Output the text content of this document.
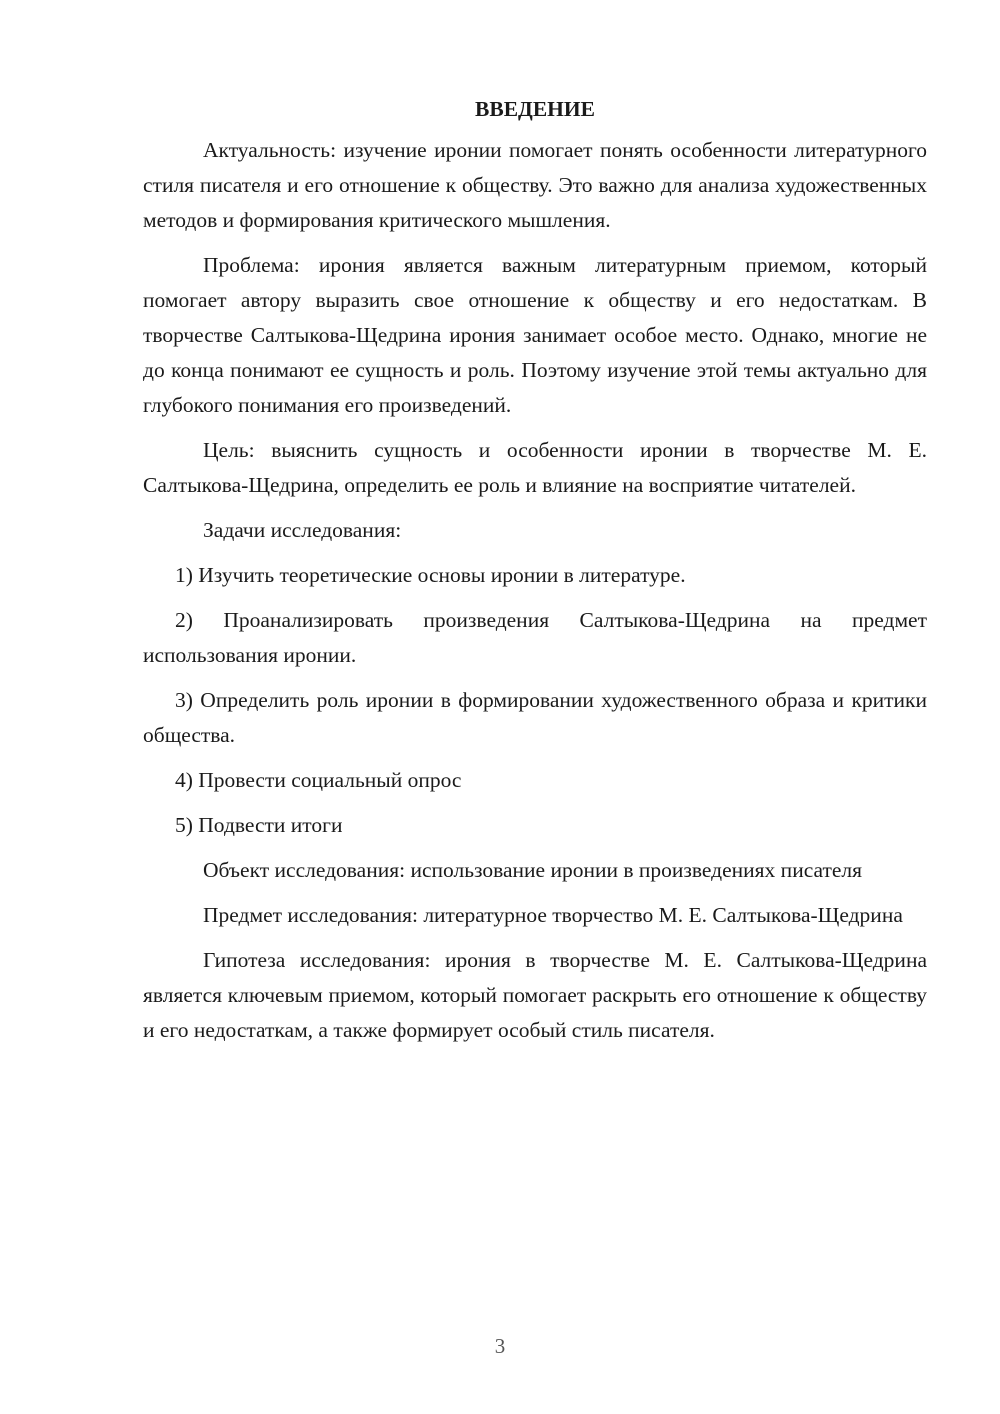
ВВЕДЕНИЕ

Актуальность: изучение иронии помогает понять особенности литературного стиля писателя и его отношение к обществу. Это важно для анализа художественных методов и формирования критического мышления.

Проблема: ирония является важным литературным приемом, который помогает автору выразить свое отношение к обществу и его недостаткам. В творчестве Салтыкова-Щедрина ирония занимает особое место. Однако, многие не до конца понимают ее сущность и роль. Поэтому изучение этой темы актуально для глубокого понимания его произведений.

Цель: выяснить сущность и особенности иронии в творчестве М. Е. Салтыкова-Щедрина, определить ее роль и влияние на восприятие читателей.

Задачи исследования:

1) Изучить теоретические основы иронии в литературе.

2) Проанализировать произведения Салтыкова-Щедрина на предмет использования иронии.

3) Определить роль иронии в формировании художественного образа и критики общества.

4) Провести социальный опрос

5) Подвести итоги

Объект исследования: использование иронии в произведениях писателя

Предмет исследования: литературное творчество М. Е. Салтыкова-Щедрина

Гипотеза исследования: ирония в творчестве М. Е. Салтыкова-Щедрина является ключевым приемом, который помогает раскрыть его отношение к обществу и его недостаткам, а также формирует особый стиль писателя.

3
